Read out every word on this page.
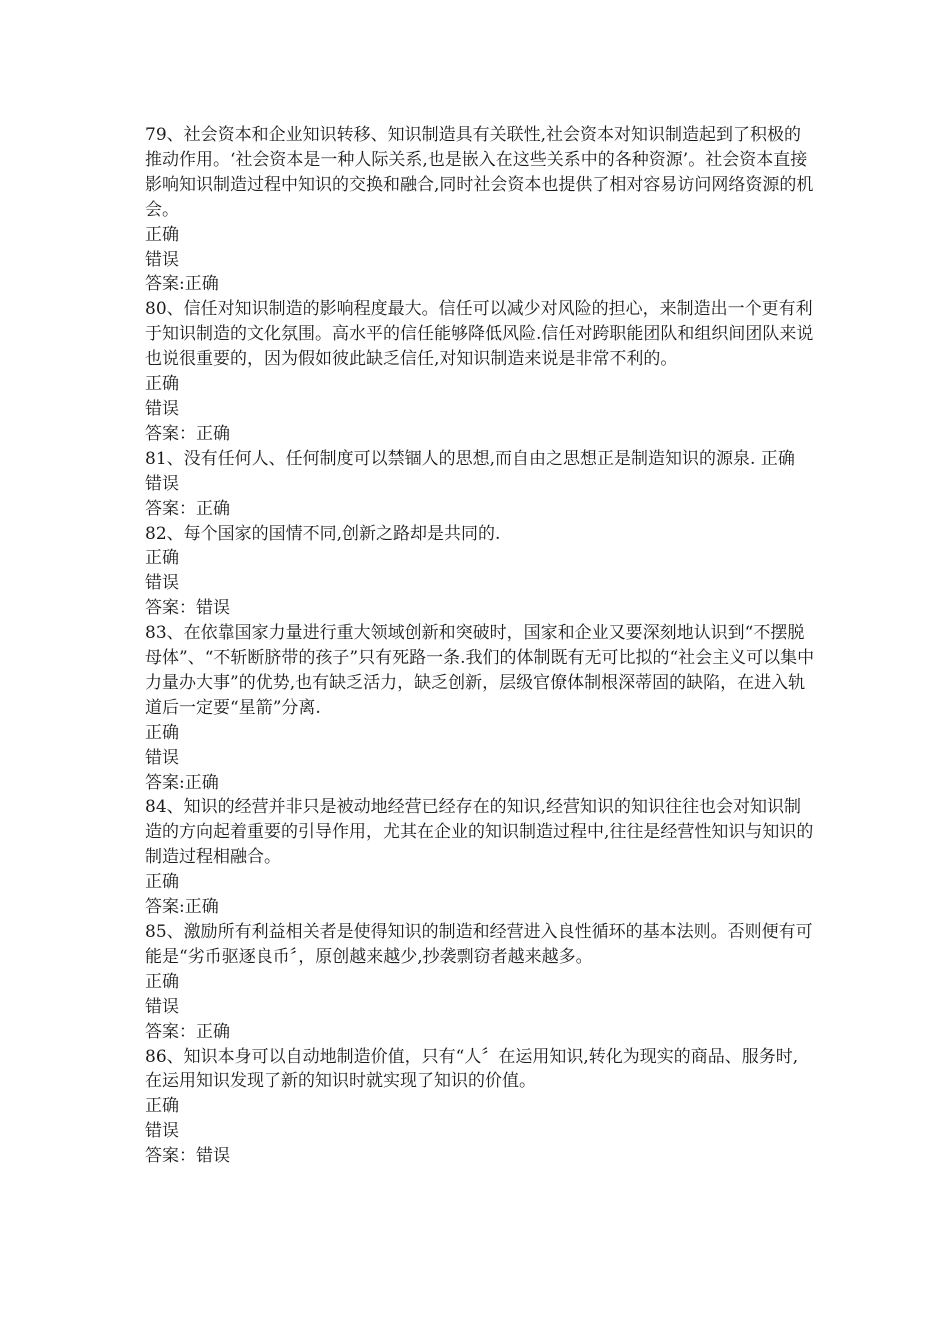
79、社会资本和企业知识转移、知识制造具有关联性,社会资本对知识制造起到了积极的推动作用。‘社会资本是一种人际关系,也是嵌入在这些关系中的各种资源’。社会资本直接影响知识制造过程中知识的交换和融合,同时社会资本也提供了相对容易访问网络资源的机会。

正确

错误

答案:正确

80、信任对知识制造的影响程度最大。信任可以减少对风险的担心，来制造出一个更有利于知识制造的文化氛围。高水平的信任能够降低风险.信任对跨职能团队和组织间团队来说也说很重要的，因为假如彼此缺乏信任,对知识制造来说是非常不利的。

正确

错误

答案：正确

81、没有任何人、任何制度可以禁锢人的思想,而自由之思想正是制造知识的源泉. 正确

错误

答案：正确

82、每个国家的国情不同,创新之路却是共同的.

正确

错误

答案：错误

83、在依靠国家力量进行重大领域创新和突破时，国家和企业又要深刻地认识到“不摆脱母体”、“不斩断脐带的孩子”只有死路一条.我们的体制既有无可比拟的“社会主义可以集中力量办大事”的优势,也有缺乏活力，缺乏创新，层级官僚体制根深蒂固的缺陷，在进入轨道后一定要“星箭”分离.

正确

错误

答案:正确

84、知识的经营并非只是被动地经营已经存在的知识,经营知识的知识往往也会对知识制造的方向起着重要的引导作用，尤其在企业的知识制造过程中,往往是经营性知识与知识的制造过程相融合。

正确

答案:正确

85、激励所有利益相关者是使得知识的制造和经营进入良性循环的基本法则。否则便有可能是“劣币驱逐良币〞，原创越来越少,抄袭剽窃者越来越多。

正确

错误

答案：正确

86、知识本身可以自动地制造价值，只有“人〞在运用知识,转化为现实的商品、服务时,在运用知识发现了新的知识时就实现了知识的价值。

正确

错误

答案：错误
